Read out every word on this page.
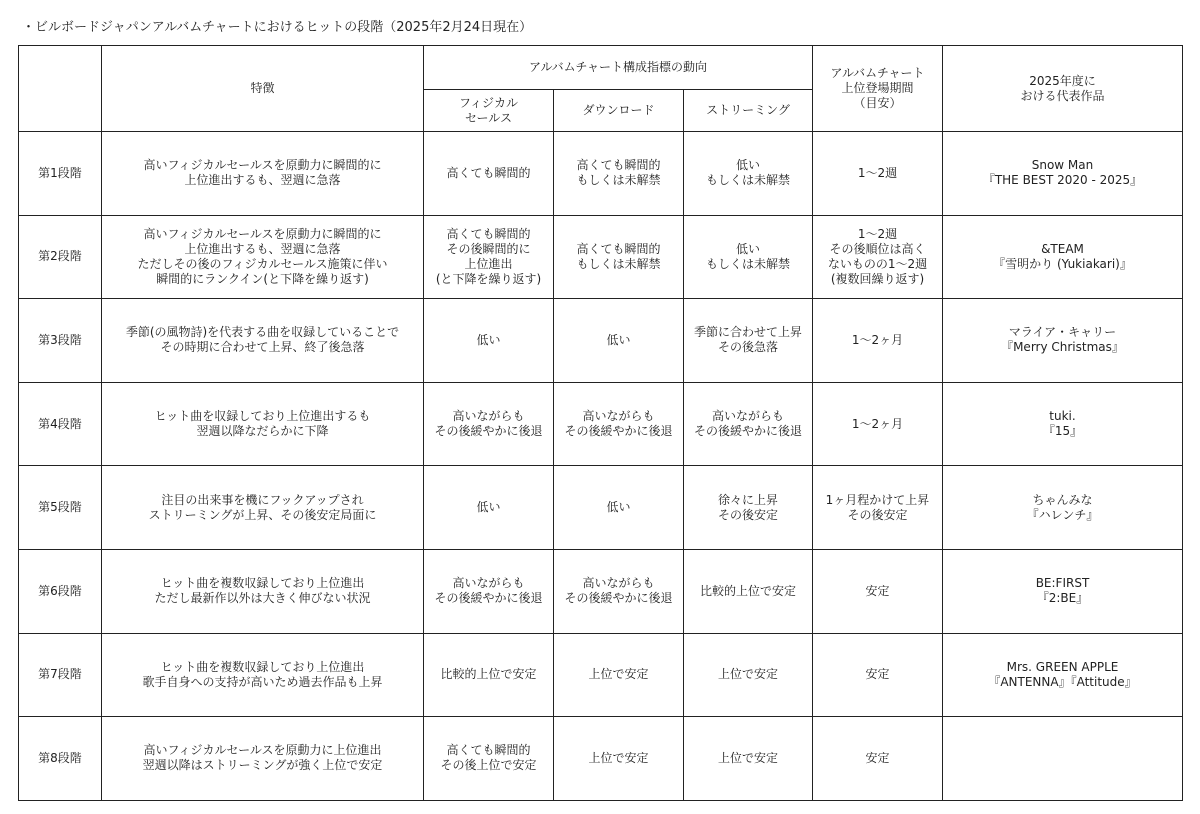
・ビルボードジャパンアルバムチャートにおけるヒットの段階（2025年2月24日現在）
	特徴	アルバムチャート構成指標の動向			アルバムチャート
上位登場期間
（目安）	2025年度に
おける代表作品
		フィジカル
セールス	ダウンロード	ストリーミング		
第1段階	高いフィジカルセールスを原動力に瞬間的に
上位進出するも、翌週に急落	高くても瞬間的	高くても瞬間的
もしくは未解禁	低い
もしくは未解禁	1～2週	Snow Man
『THE BEST 2020 - 2025』
第2段階	高いフィジカルセールスを原動力に瞬間的に
上位進出するも、翌週に急落
ただしその後のフィジカルセールス施策に伴い
瞬間的にランクイン(と下降を繰り返す)	高くても瞬間的
その後瞬間的に
上位進出
(と下降を繰り返す)	高くても瞬間的
もしくは未解禁	低い
もしくは未解禁	1～2週
その後順位は高く
ないものの1～2週
(複数回繰り返す)	&TEAM
『雪明かり (Yukiakari)』
第3段階	季節(の風物詩)を代表する曲を収録していることで
その時期に合わせて上昇、終了後急落	低い	低い	季節に合わせて上昇
その後急落	1～2ヶ月	マライア・キャリー
『Merry Christmas』
第4段階	ヒット曲を収録しており上位進出するも
翌週以降なだらかに下降	高いながらも
その後緩やかに後退	高いながらも
その後緩やかに後退	高いながらも
その後緩やかに後退	1～2ヶ月	tuki.
『15』
第5段階	注目の出来事を機にフックアップされ
ストリーミングが上昇、その後安定局面に	低い	低い	徐々に上昇
その後安定	1ヶ月程かけて上昇
その後安定	ちゃんみな
『ハレンチ』
第6段階	ヒット曲を複数収録しており上位進出
ただし最新作以外は大きく伸びない状況	高いながらも
その後緩やかに後退	高いながらも
その後緩やかに後退	比較的上位で安定	安定	BE:FIRST
『2:BE』
第7段階	ヒット曲を複数収録しており上位進出
歌手自身への支持が高いため過去作品も上昇	比較的上位で安定	上位で安定	上位で安定	安定	Mrs. GREEN APPLE
『ANTENNA』『Attitude』
第8段階	高いフィジカルセールスを原動力に上位進出
翌週以降はストリーミングが強く上位で安定	高くても瞬間的
その後上位で安定	上位で安定	上位で安定	安定	
